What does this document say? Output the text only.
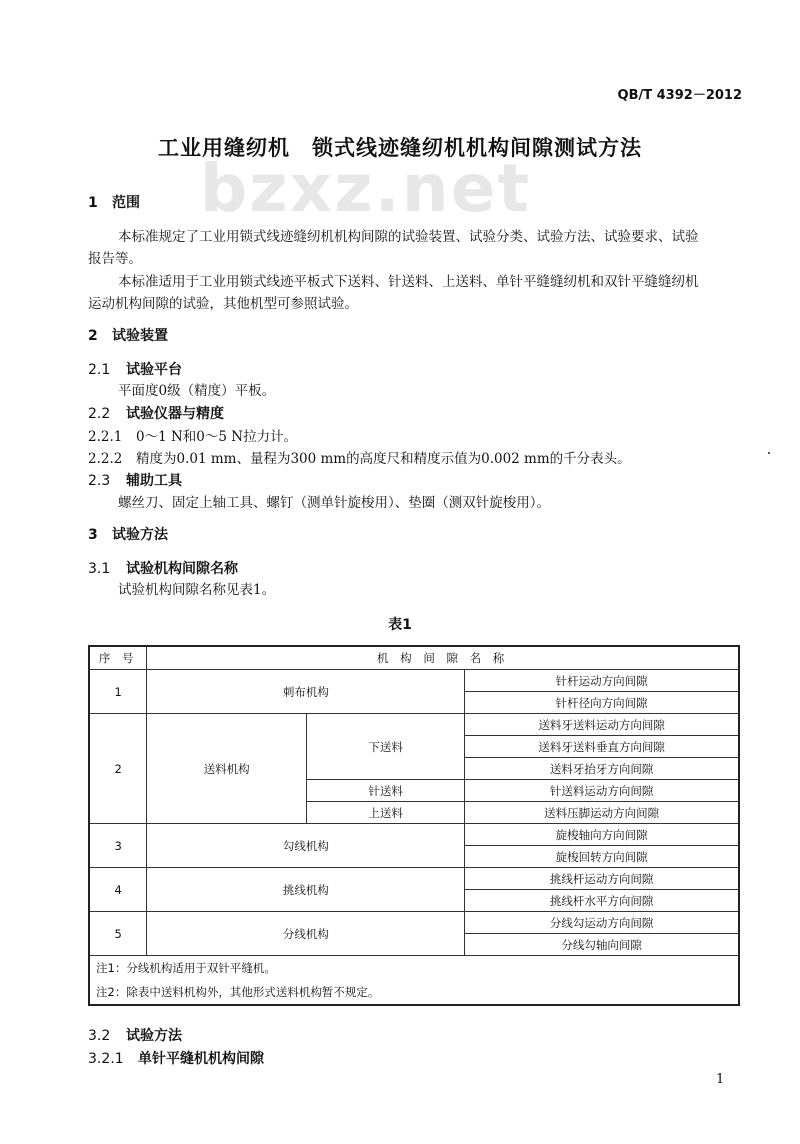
bzxz.net
QB/T 4392－2012
工业用缝纫机 锁式线迹缝纫机机构间隙测试方法
1 范围
本标准规定了工业用锁式线迹缝纫机机构间隙的试验装置、试验分类、试验方法、试验要求、试验
报告等。
本标准适用于工业用锁式线迹平板式下送料、针送料、上送料、单针平缝缝纫机和双针平缝缝纫机
运动机构间隙的试验，其他机型可参照试验。
2 试验装置
2.1 试验平台
平面度0级（精度）平板。
2.2 试验仪器与精度
2.2.1 0～1 N和0～5 N拉力计。
2.2.2 精度为0.01 mm、量程为300 mm的高度尺和精度示值为0.002 mm的千分表头。
2.3 辅助工具
螺丝刀、固定上轴工具、螺钉（测单针旋梭用）、垫圈（测双针旋梭用）。
3 试验方法
3.1 试验机构间隙名称
试验机构间隙名称见表1。
表1
序 号	机 构 间 隙 名 称		
1	刺布机构		针杆运动方向间隙
			针杆径向方向间隙
2	送料机构	下送料	送料牙送料运动方向间隙
			送料牙送料垂直方向间隙
			送料牙抬牙方向间隙
		针送料	针送料运动方向间隙
		上送料	送料压脚运动方向间隙
3	勾线机构		旋梭轴向方向间隙
			旋梭回转方向间隙
4	挑线机构		挑线杆运动方向间隙
			挑线杆水平方向间隙
5	分线机构		分线勾运动方向间隙
			分线勾轴向间隙
注1：分线机构适用于双针平缝机。			
注2：除表中送料机构外，其他形式送料机构暂不规定。			
3.2 试验方法
3.2.1 单针平缝机机构间隙
1
